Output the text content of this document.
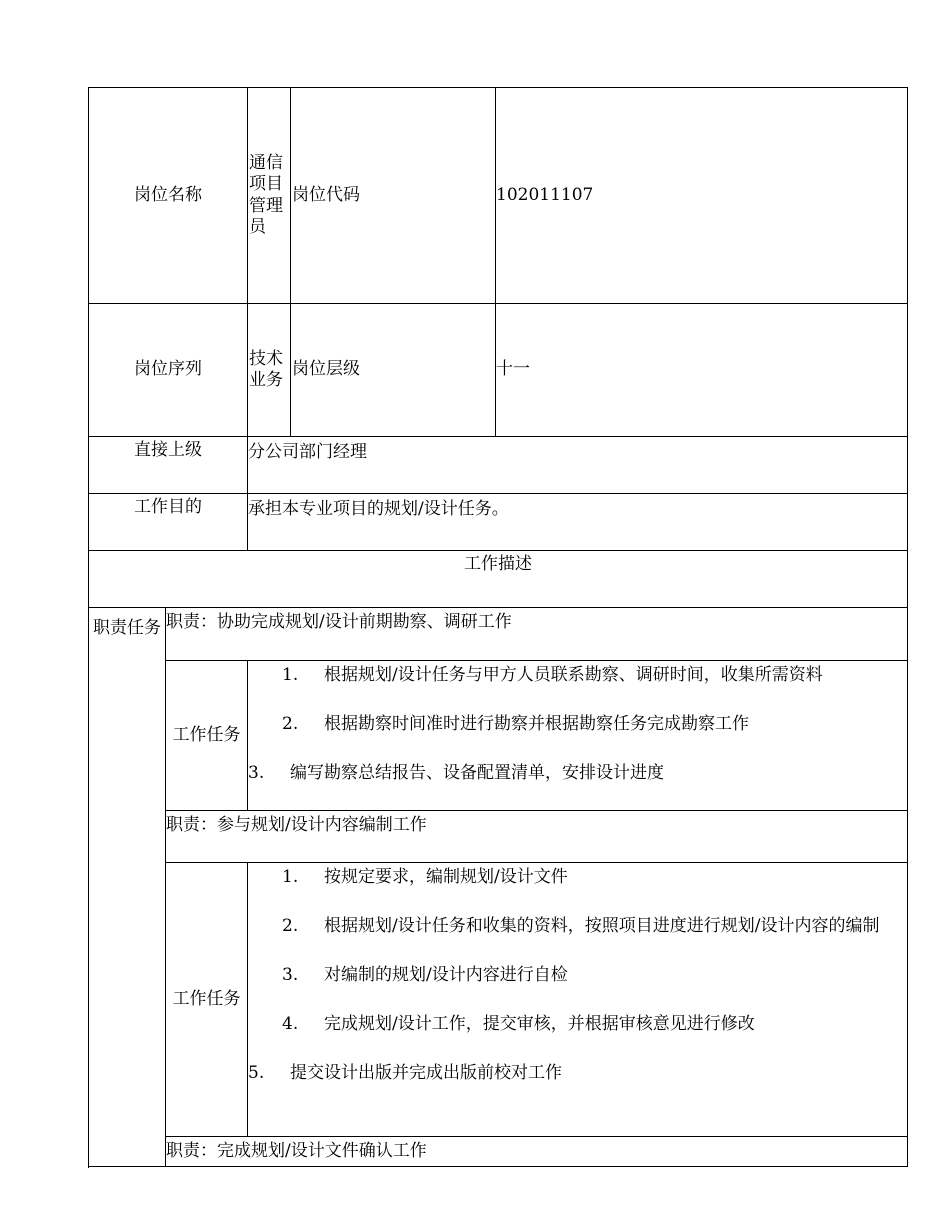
岗位名称		通信项目管理员	岗位代码	102011107
岗位序列		技术业务	岗位层级	十一
直接上级		分公司部门经理		
工作目的		承担本专业项目的规划/设计任务。		
工作描述				
职责任务	职责：协助完成规划/设计前期勘察、调研工作			
	工作任务	1. 根据规划/设计任务与甲方人员联系勘察、调研时间，收集所需资料
2. 根据勘察时间准时进行勘察并根据勘察任务完成勘察工作
3. 编写勘察总结报告、设备配置清单，安排设计进度		

	职责：参与规划/设计内容编制工作			
	工作任务	1. 按规定要求，编制规划/设计文件
2. 根据规划/设计任务和收集的资料，按照项目进度进行规划/设计内容的编制
3. 对编制的规划/设计内容进行自检
4. 完成规划/设计工作，提交审核，并根据审核意见进行修改
5. 提交设计出版并完成出版前校对工作		

	职责：完成规划/设计文件确认工作			
